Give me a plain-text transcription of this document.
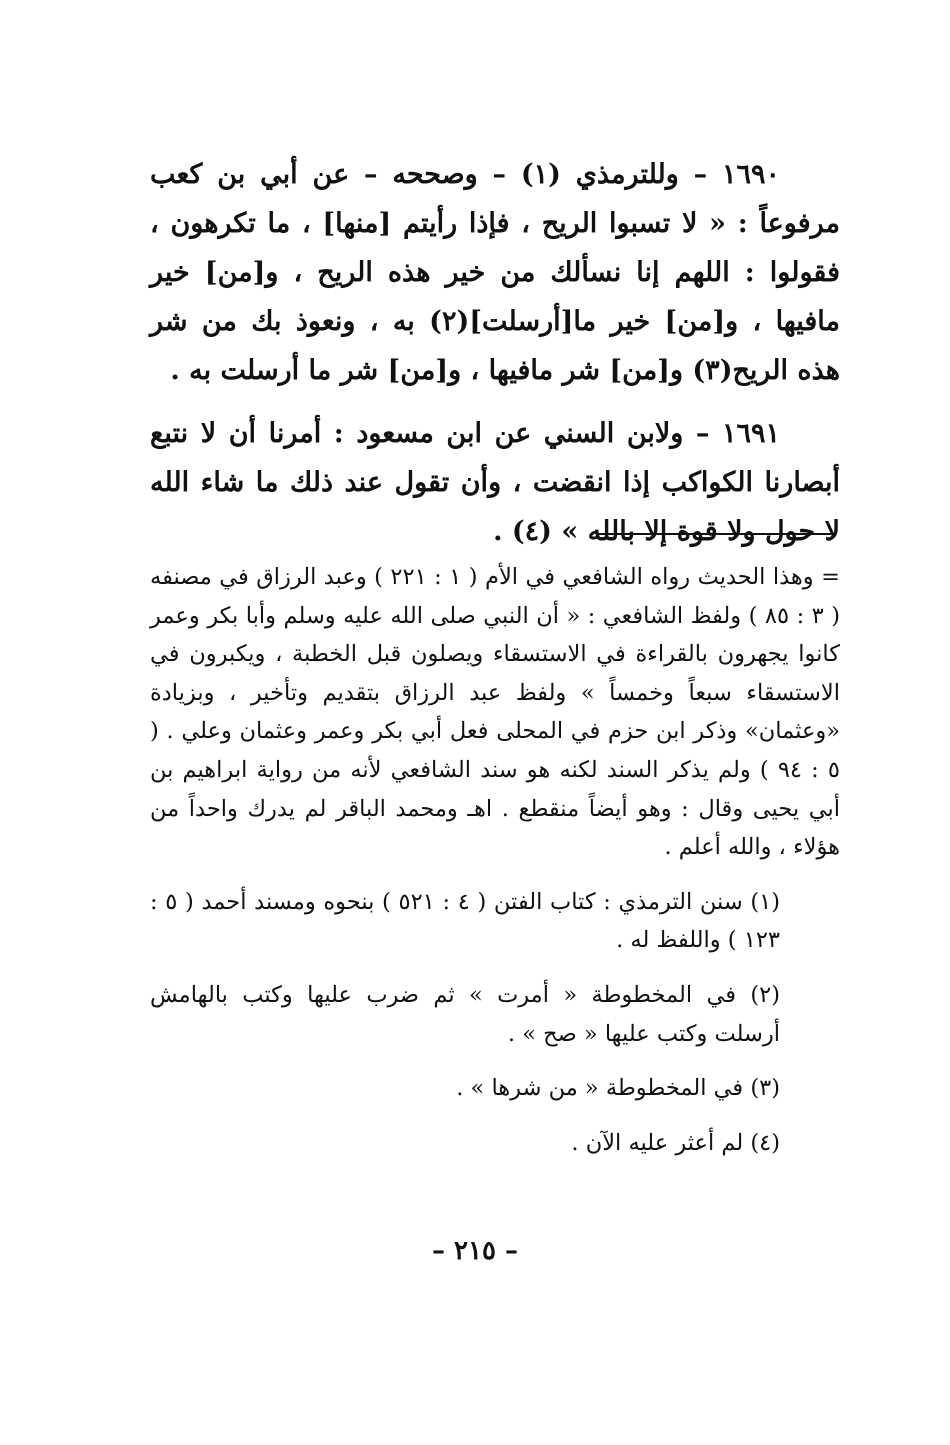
١٦٩٠ – وللترمذي (١) – وصححه – عن أبي بن كعب مرفوعاً : « لا تسبوا الريح ، فإذا رأيتم [منها] ، ما تكرهون ، فقولوا : اللهم إنا نسألك من خير هذه الريح ، و[من] خير مافيها ، و[من] خير ما[أرسلت](٢) به ، ونعوذ بك من شر هذه الريح(٣) و[من] شر مافيها ، و[من] شر ما أرسلت به .

١٦٩١ – ولابن السني عن ابن مسعود : أمرنا أن لا نتبع أبصارنا الكواكب إذا انقضت ، وأن تقول عند ذلك ما شاء الله لا حول ولا قوة إلا بالله » (٤) .

= وهذا الحديث رواه الشافعي في الأم ( ١ : ٢٢١ ) وعبد الرزاق في مصنفه ( ٣ : ٨٥ ) ولفظ الشافعي : « أن النبي صلى الله عليه وسلم وأبا بكر وعمر كانوا يجهرون بالقراءة في الاستسقاء ويصلون قبل الخطبة ، ويكبرون في الاستسقاء سبعاً وخمساً » ولفظ عبد الرزاق بتقديم وتأخير ، وبزيادة «وعثمان» وذكر ابن حزم في المحلى فعل أبي بكر وعمر وعثمان وعلي . ( ٥ : ٩٤ ) ولم يذكر السند لكنه هو سند الشافعي لأنه من رواية ابراهيم بن أبي يحيى وقال : وهو أيضاً منقطع . اهـ ومحمد الباقر لم يدرك واحداً من هؤلاء ، والله أعلم .

(١) سنن الترمذي : كتاب الفتن ( ٤ : ٥٢١ ) بنحوه ومسند أحمد ( ٥ : ١٢٣ ) واللفظ له .

(٢) في المخطوطة « أمرت » ثم ضرب عليها وكتب بالهامش أرسلت وكتب عليها « صح » .

(٣) في المخطوطة « من شرها » .

(٤) لم أعثر عليه الآن .

– ٢١٥ –
